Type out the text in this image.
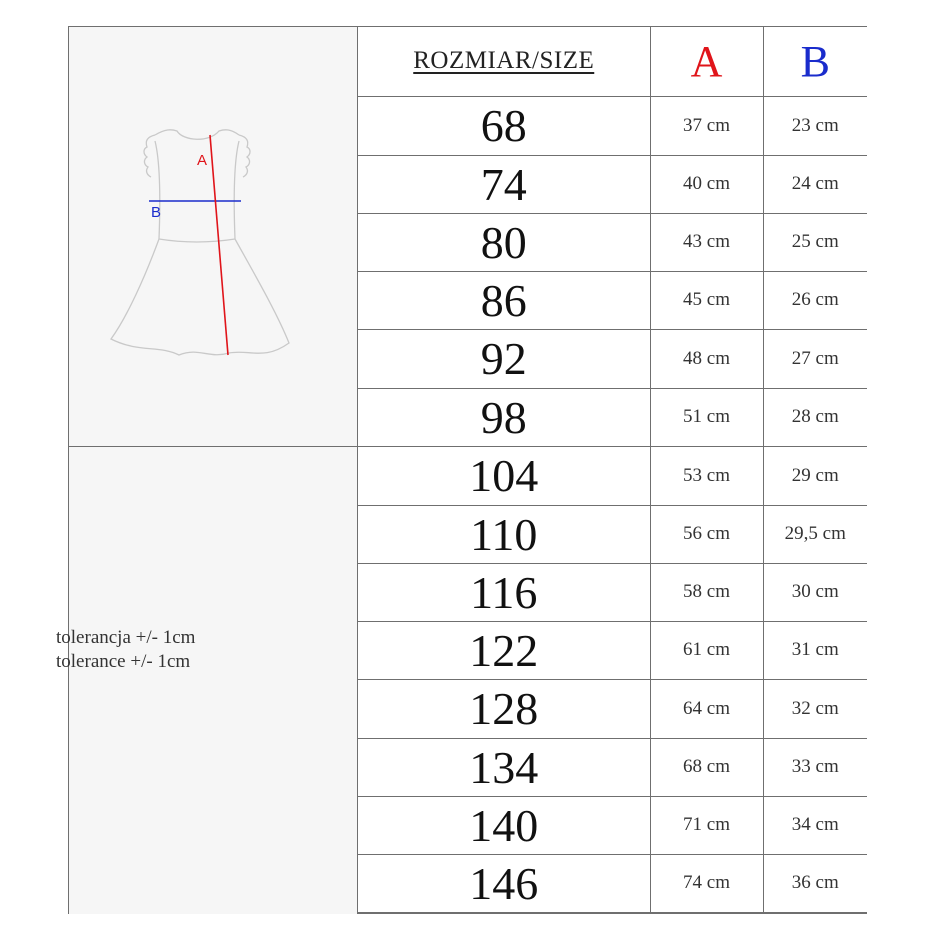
A
B
ROZMIAR/SIZE	A	B
68	37 cm	23 cm
74	40 cm	24 cm
80	43 cm	25 cm
86	45 cm	26 cm
92	48 cm	27 cm
98	51 cm	28 cm
104	53 cm	29 cm
110	56 cm	29,5 cm
116	58 cm	30 cm
122	61 cm	31 cm
128	64 cm	32 cm
134	68 cm	33 cm
140	71 cm	34 cm
146	74 cm	36 cm
tolerancja +/- 1cm
tolerance +/- 1cm
